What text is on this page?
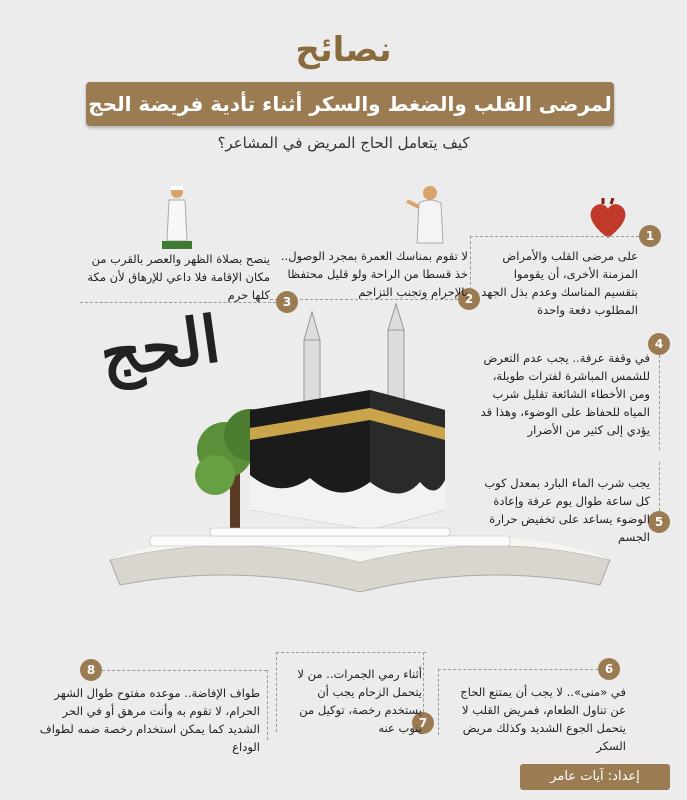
نصائح
لمرضى القلب والضغط والسكر أثناء تأدية فريضة الحج
كيف يتعامل الحاج المريض في المشاعر؟
الحج
1
على مرضى القلب والأمراض المزمنة الأخرى، أن يقوموا بتقسيم المناسك وعدم بذل الجهد المطلوب دفعة واحدة
2
لا تقوم بمناسك العمرة بمجرد الوصول.. خذ قسطا من الراحة ولو قليل محتفظا بالإحرام وتجنب التزاحم
3
ينصح بصلاة الظهر والعصر بالقرب من مكان الإقامة فلا داعي للإرهاق لأن مكة كلها حرم
4
في وقفة عرفة.. يجب عدم التعرض للشمس المباشرة لفترات طويلة، ومن الأخطاء الشائعة تقليل شرب المياه للحفاظ على الوضوء، وهذا قد يؤدي إلى كثير من الأضرار
5
يجب شرب الماء البارد بمعدل كوب كل ساعة طوال يوم عرفة وإعادة الوضوء يساعد على تخفيض حرارة الجسم
6
في «منى».. لا يجب أن يمتنع الحاج عن تناول الطعام، فمريض القلب لا يتحمل الجوع الشديد وكذلك مريض السكر
7
أثناء رمي الجمرات.. من لا يتحمل الزحام يجب أن يستخدم رخصة، توكيل من ينوب عنه
8
طواف الإفاضة.. موعده مفتوح طوال الشهر الحرام، لا تقوم به وأنت مرهق أو في الحر الشديد كما يمكن استخدام رخصة ضمه لطواف الوداع
إعداد: آيات عامر
